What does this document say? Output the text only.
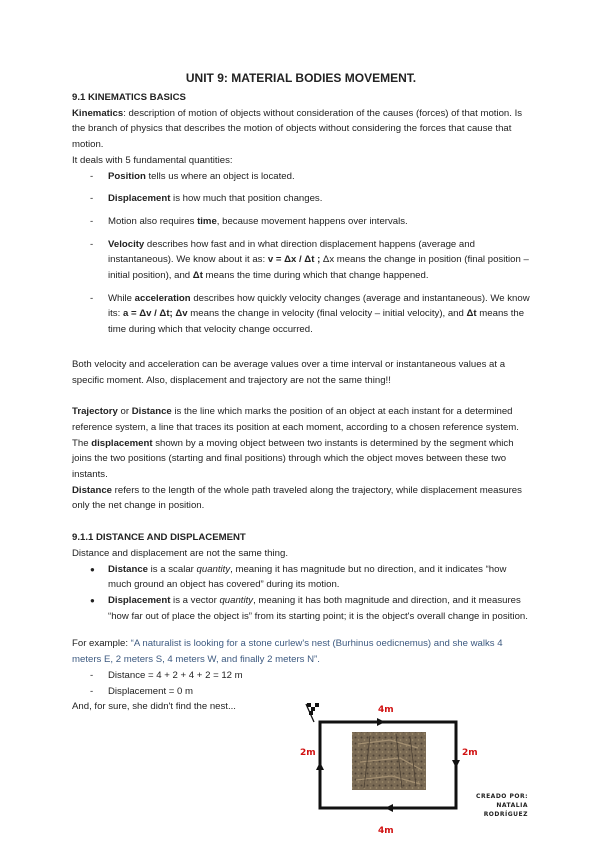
UNIT 9: MATERIAL BODIES MOVEMENT.

9.1 KINEMATICS BASICS

Kinematics: description of motion of objects without consideration of the causes (forces) of that motion. Is the branch of physics that describes the motion of objects without considering the forces that cause that motion.

It deals with 5 fundamental quantities:

- Position tells us where an object is located.
- Displacement is how much that position changes.
- Motion also requires time, because movement happens over intervals.
- Velocity describes how fast and in what direction displacement happens (average and instantaneous). We know about it as: v = Δx / Δt ; Δx means the change in position (final position – initial position), and Δt means the time during which that change happened.
- While acceleration describes how quickly velocity changes (average and instantaneous). We know its: a = Δv / Δt; Δv means the change in velocity (final velocity – initial velocity), and Δt means the time during which that velocity change occurred.

Both velocity and acceleration can be average values over a time interval or instantaneous values at a specific moment. Also, displacement and trajectory are not the same thing!!

Trajectory or Distance is the line which marks the position of an object at each instant for a determined reference system, a line that traces its position at each moment, according to a chosen reference system.

The displacement shown by a moving object between two instants is determined by the segment which joins the two positions (starting and final positions) through which the object moves between these two instants.

Distance refers to the length of the whole path traveled along the trajectory, while displacement measures only the net change in position.

9.1.1 DISTANCE AND DISPLACEMENT

Distance and displacement are not the same thing.

● Distance is a scalar quantity, meaning it has magnitude but no direction, and it indicates “how much ground an object has covered” during its motion.
● Displacement is a vector quantity, meaning it has both magnitude and direction, and it measures “how far out of place the object is” from its starting point; it is the object's overall change in position.

For example: “A naturalist is looking for a stone curlew's nest (Burhinus oedicnemus) and she walks 4 meters E, 2 meters S, 4 meters W, and finally 2 meters N”.

- Distance = 4 + 2 + 4 + 2 = 12 m
- Displacement = 0 m

And, for sure, she didn't find the nest...	4m
4m
2m	2m
CREADO POR:
NATALIA RODRÍGUEZ
